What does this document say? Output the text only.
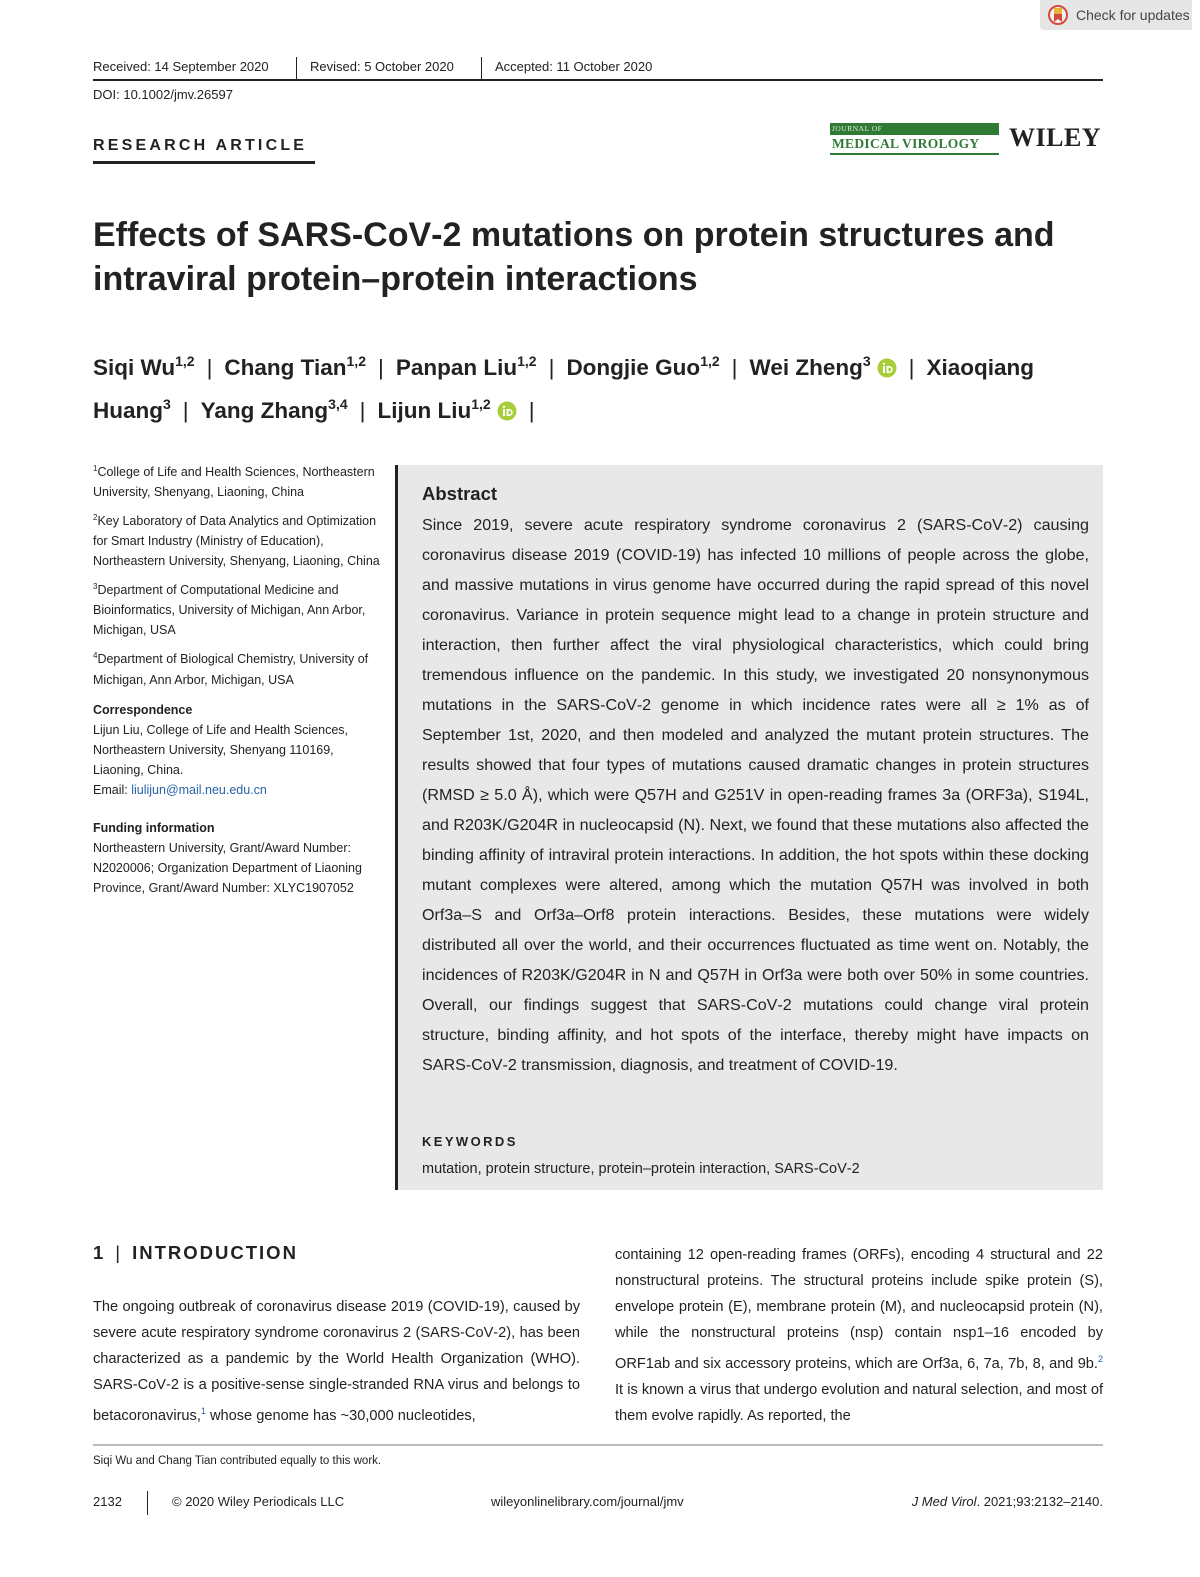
Check for updates
Received: 14 September 2020	Revised: 5 October 2020	Accepted: 11 October 2020
DOI: 10.1002/jmv.26597
RESEARCH ARTICLE
JOURNAL OF
MEDICAL VIROLOGY WILEY
Effects of SARS‐CoV‐2 mutations on protein structures and intraviral protein–protein interactions
Siqi Wu$^{1,2}$ | Chang Tian$^{1,2}$ | Panpan Liu$^{1,2}$ | Dongjie Guo$^{1,2}$ | Wei Zheng$^3$ | Xiaoqiang Huang$^3$ | Yang Zhang$^{3,4}$ | Lijun Liu$^{1,2}$ |
$^1$College of Life and Health Sciences, Northeastern University, Shenyang, Liaoning, China
$^2$Key Laboratory of Data Analytics and Optimization for Smart Industry (Ministry of Education), Northeastern University, Shenyang, Liaoning, China
$^3$Department of Computational Medicine and Bioinformatics, University of Michigan, Ann Arbor, Michigan, USA
$^4$Department of Biological Chemistry, University of Michigan, Ann Arbor, Michigan, USA
Correspondence
Lijun Liu, College of Life and Health Sciences, Northeastern University, Shenyang 110169, Liaoning, China.
Email: liulijun@mail.neu.edu.cn
Funding information
Northeastern University, Grant/Award Number: N2020006; Organization Department of Liaoning Province, Grant/Award Number: XLYC1907052
Abstract
Since 2019, severe acute respiratory syndrome coronavirus 2 (SARS‐CoV‐2) causing coronavirus disease 2019 (COVID‐19) has infected 10 millions of people across the globe, and massive mutations in virus genome have occurred during the rapid spread of this novel coronavirus. Variance in protein sequence might lead to a change in protein structure and interaction, then further affect the viral physiological characteristics, which could bring tremendous influence on the pandemic. In this study, we investigated 20 nonsynonymous mutations in the SARS‐CoV‐2 genome in which incidence rates were all ≥ 1% as of September 1st, 2020, and then modeled and analyzed the mutant protein structures. The results showed that four types of mutations caused dramatic changes in protein structures (RMSD ≥ 5.0 Å), which were Q57H and G251V in open‐reading frames 3a (ORF3a), S194L, and R203K/G204R in nucleocapsid (N). Next, we found that these mutations also affected the binding affinity of intraviral protein interactions. In addition, the hot spots within these docking mutant complexes were altered, among which the mutation Q57H was involved in both Orf3a–S and Orf3a–Orf8 protein interactions. Besides, these mutations were widely distributed all over the world, and their occurrences fluctuated as time went on. Notably, the incidences of R203K/G204R in N and Q57H in Orf3a were both over 50% in some countries. Overall, our findings suggest that SARS‐CoV‐2 mutations could change viral protein structure, binding affinity, and hot spots of the interface, thereby might have impacts on SARS‐CoV‐2 transmission, diagnosis, and treatment of COVID‐19.
KEYWORDS
mutation, protein structure, protein–protein interaction, SARS‐CoV‐2
1 | INTRODUCTION
The ongoing outbreak of coronavirus disease 2019 (COVID‐19), caused by severe acute respiratory syndrome coronavirus 2 (SARS‐CoV‐2), has been characterized as a pandemic by the World Health Organization (WHO). SARS‐CoV‐2 is a positive‐sense single‐stranded RNA virus and belongs to betacoronavirus,$^1$ whose genome has ~30,000 nucleotides,
containing 12 open‐reading frames (ORFs), encoding 4 structural and 22 nonstructural proteins. The structural proteins include spike protein (S), envelope protein (E), membrane protein (M), and nucleocapsid protein (N), while the nonstructural proteins (nsp) contain nsp1–16 encoded by ORF1ab and six accessory proteins, which are Orf3a, 6, 7a, 7b, 8, and 9b.$^2$ It is known a virus that undergo evolution and natural selection, and most of them evolve rapidly. As reported, the
Siqi Wu and Chang Tian contributed equally to this work.
2132	© 2020 Wiley Periodicals LLC	wileyonlinelibrary.com/journal/jmv	J Med Virol. 2021;93:2132–2140.
